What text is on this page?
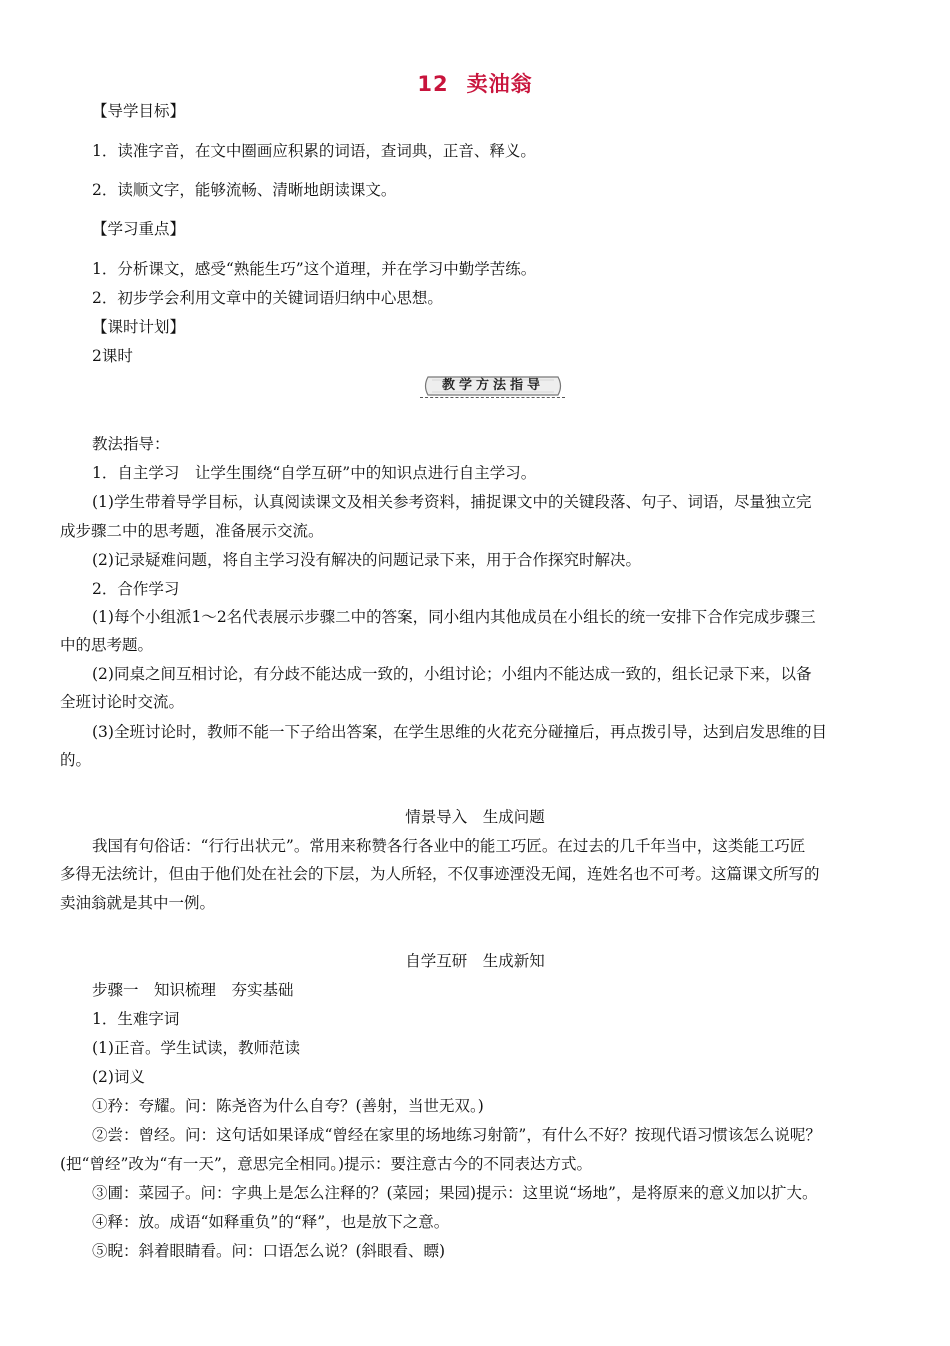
12 卖油翁
【导学目标】
1．读准字音，在文中圈画应积累的词语，查词典，正音、释义。
2．读顺文字，能够流畅、清晰地朗读课文。
【学习重点】
1．分析课文，感受“熟能生巧”这个道理，并在学习中勤学苦练。
2．初步学会利用文章中的关键词语归纳中心思想。
【课时计划】
2课时
教学方法指导
教法指导：
1．自主学习　让学生围绕“自学互研”中的知识点进行自主学习。
(1)学生带着导学目标，认真阅读课文及相关参考资料，捕捉课文中的关键段落、句子、词语，尽量独立完
成步骤二中的思考题，准备展示交流。
(2)记录疑难问题，将自主学习没有解决的问题记录下来，用于合作探究时解决。
2．合作学习
(1)每个小组派1～2名代表展示步骤二中的答案，同小组内其他成员在小组长的统一安排下合作完成步骤三
中的思考题。
(2)同桌之间互相讨论，有分歧不能达成一致的，小组讨论；小组内不能达成一致的，组长记录下来，以备
全班讨论时交流。
(3)全班讨论时，教师不能一下子给出答案，在学生思维的火花充分碰撞后，再点拨引导，达到启发思维的目
的。
情景导入　生成问题
我国有句俗话：“行行出状元”。常用来称赞各行各业中的能工巧匠。在过去的几千年当中，这类能工巧匠
多得无法统计，但由于他们处在社会的下层，为人所轻，不仅事迹湮没无闻，连姓名也不可考。这篇课文所写的
卖油翁就是其中一例。
自学互研　生成新知
步骤一　知识梳理　夯实基础
1．生难字词
(1)正音。学生试读，教师范读
(2)词义
①矜：夸耀。问：陈尧咨为什么自夸？(善射，当世无双。)
②尝：曾经。问：这句话如果译成“曾经在家里的场地练习射箭”，有什么不好？按现代语习惯该怎么说呢？
(把“曾经”改为“有一天”，意思完全相同。)提示：要注意古今的不同表达方式。
③圃：菜园子。问：字典上是怎么注释的？(菜园；果园)提示：这里说“场地”，是将原来的意义加以扩大。
④释：放。成语“如释重负”的“释”，也是放下之意。
⑤睨：斜着眼睛看。问：口语怎么说？(斜眼看、瞟)
